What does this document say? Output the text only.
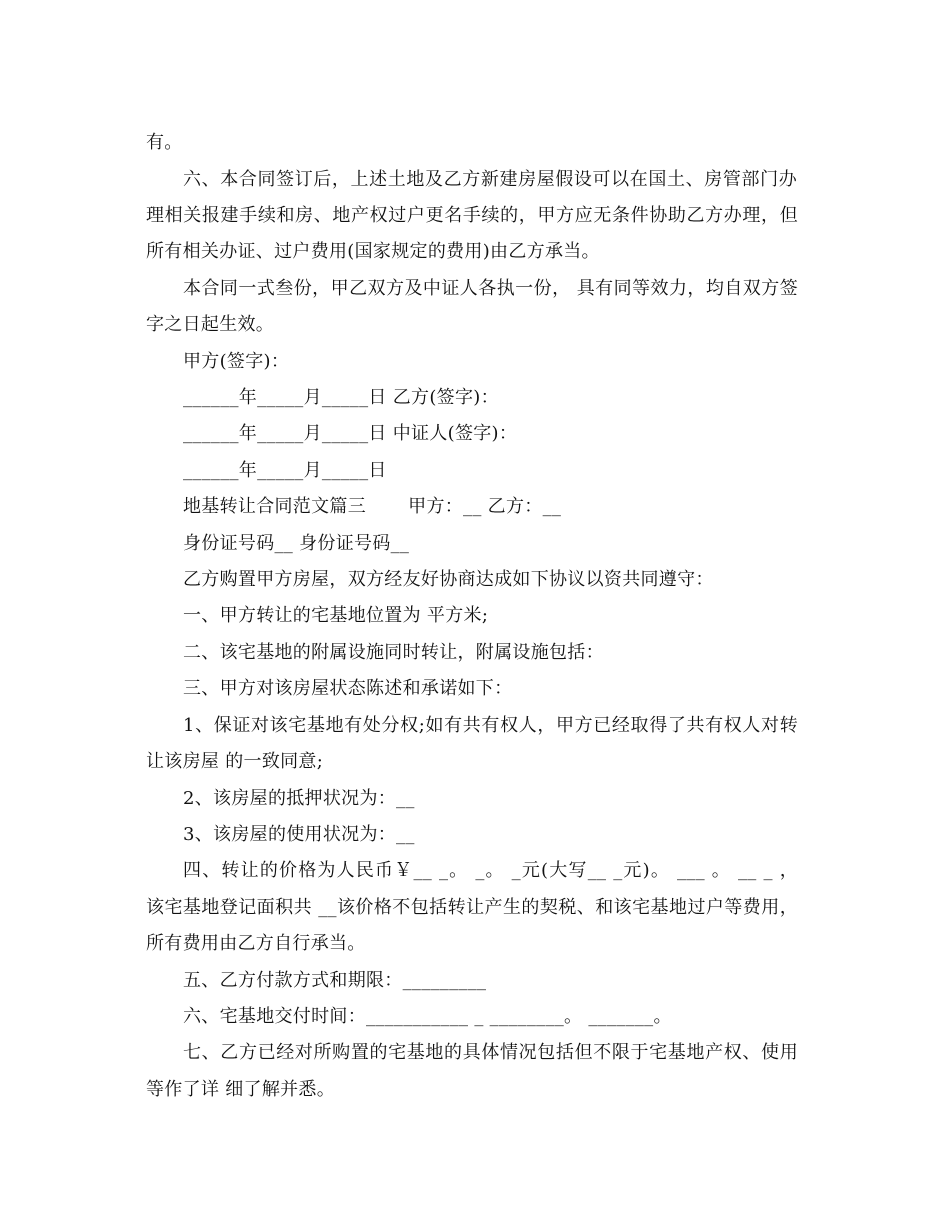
有。
六、本合同签订后，上述土地及乙方新建房屋假设可以在国土、房管部门办
理相关报建手续和房、地产权过户更名手续的，甲方应无条件协助乙方办理，但
所有相关办证、过户费用(国家规定的费用)由乙方承当。
本合同一式叁份，甲乙双方及中证人各执一份， 具有同等效力，均自双方签
字之日起生效。
甲方(签字)：
______年_____月_____日 乙方(签字)：
______年_____月_____日 中证人(签字)：
______年_____月_____日
地基转让合同范文篇三       甲方：__ 乙方：__
身份证号码__ 身份证号码__
乙方购置甲方房屋，双方经友好协商达成如下协议以资共同遵守：
一、甲方转让的宅基地位置为 平方米;
二、该宅基地的附属设施同时转让，附属设施包括：
三、甲方对该房屋状态陈述和承诺如下：
1、保证对该宅基地有处分权;如有共有权人，甲方已经取得了共有权人对转
让该房屋 的一致同意;
2、该房屋的抵押状况为：__
3、该房屋的使用状况为：__
四、转让的价格为人民币￥__ _。 _。 _元(大写__ _元)。 ___ 。 __ _ ，
该宅基地登记面积共 __该价格不包括转让产生的契税、和该宅基地过户等费用，
所有费用由乙方自行承当。
五、乙方付款方式和期限：_________
六、宅基地交付时间：___________ _ ________。 _______。
七、乙方已经对所购置的宅基地的具体情况包括但不限于宅基地产权、使用
等作了详 细了解并悉。
